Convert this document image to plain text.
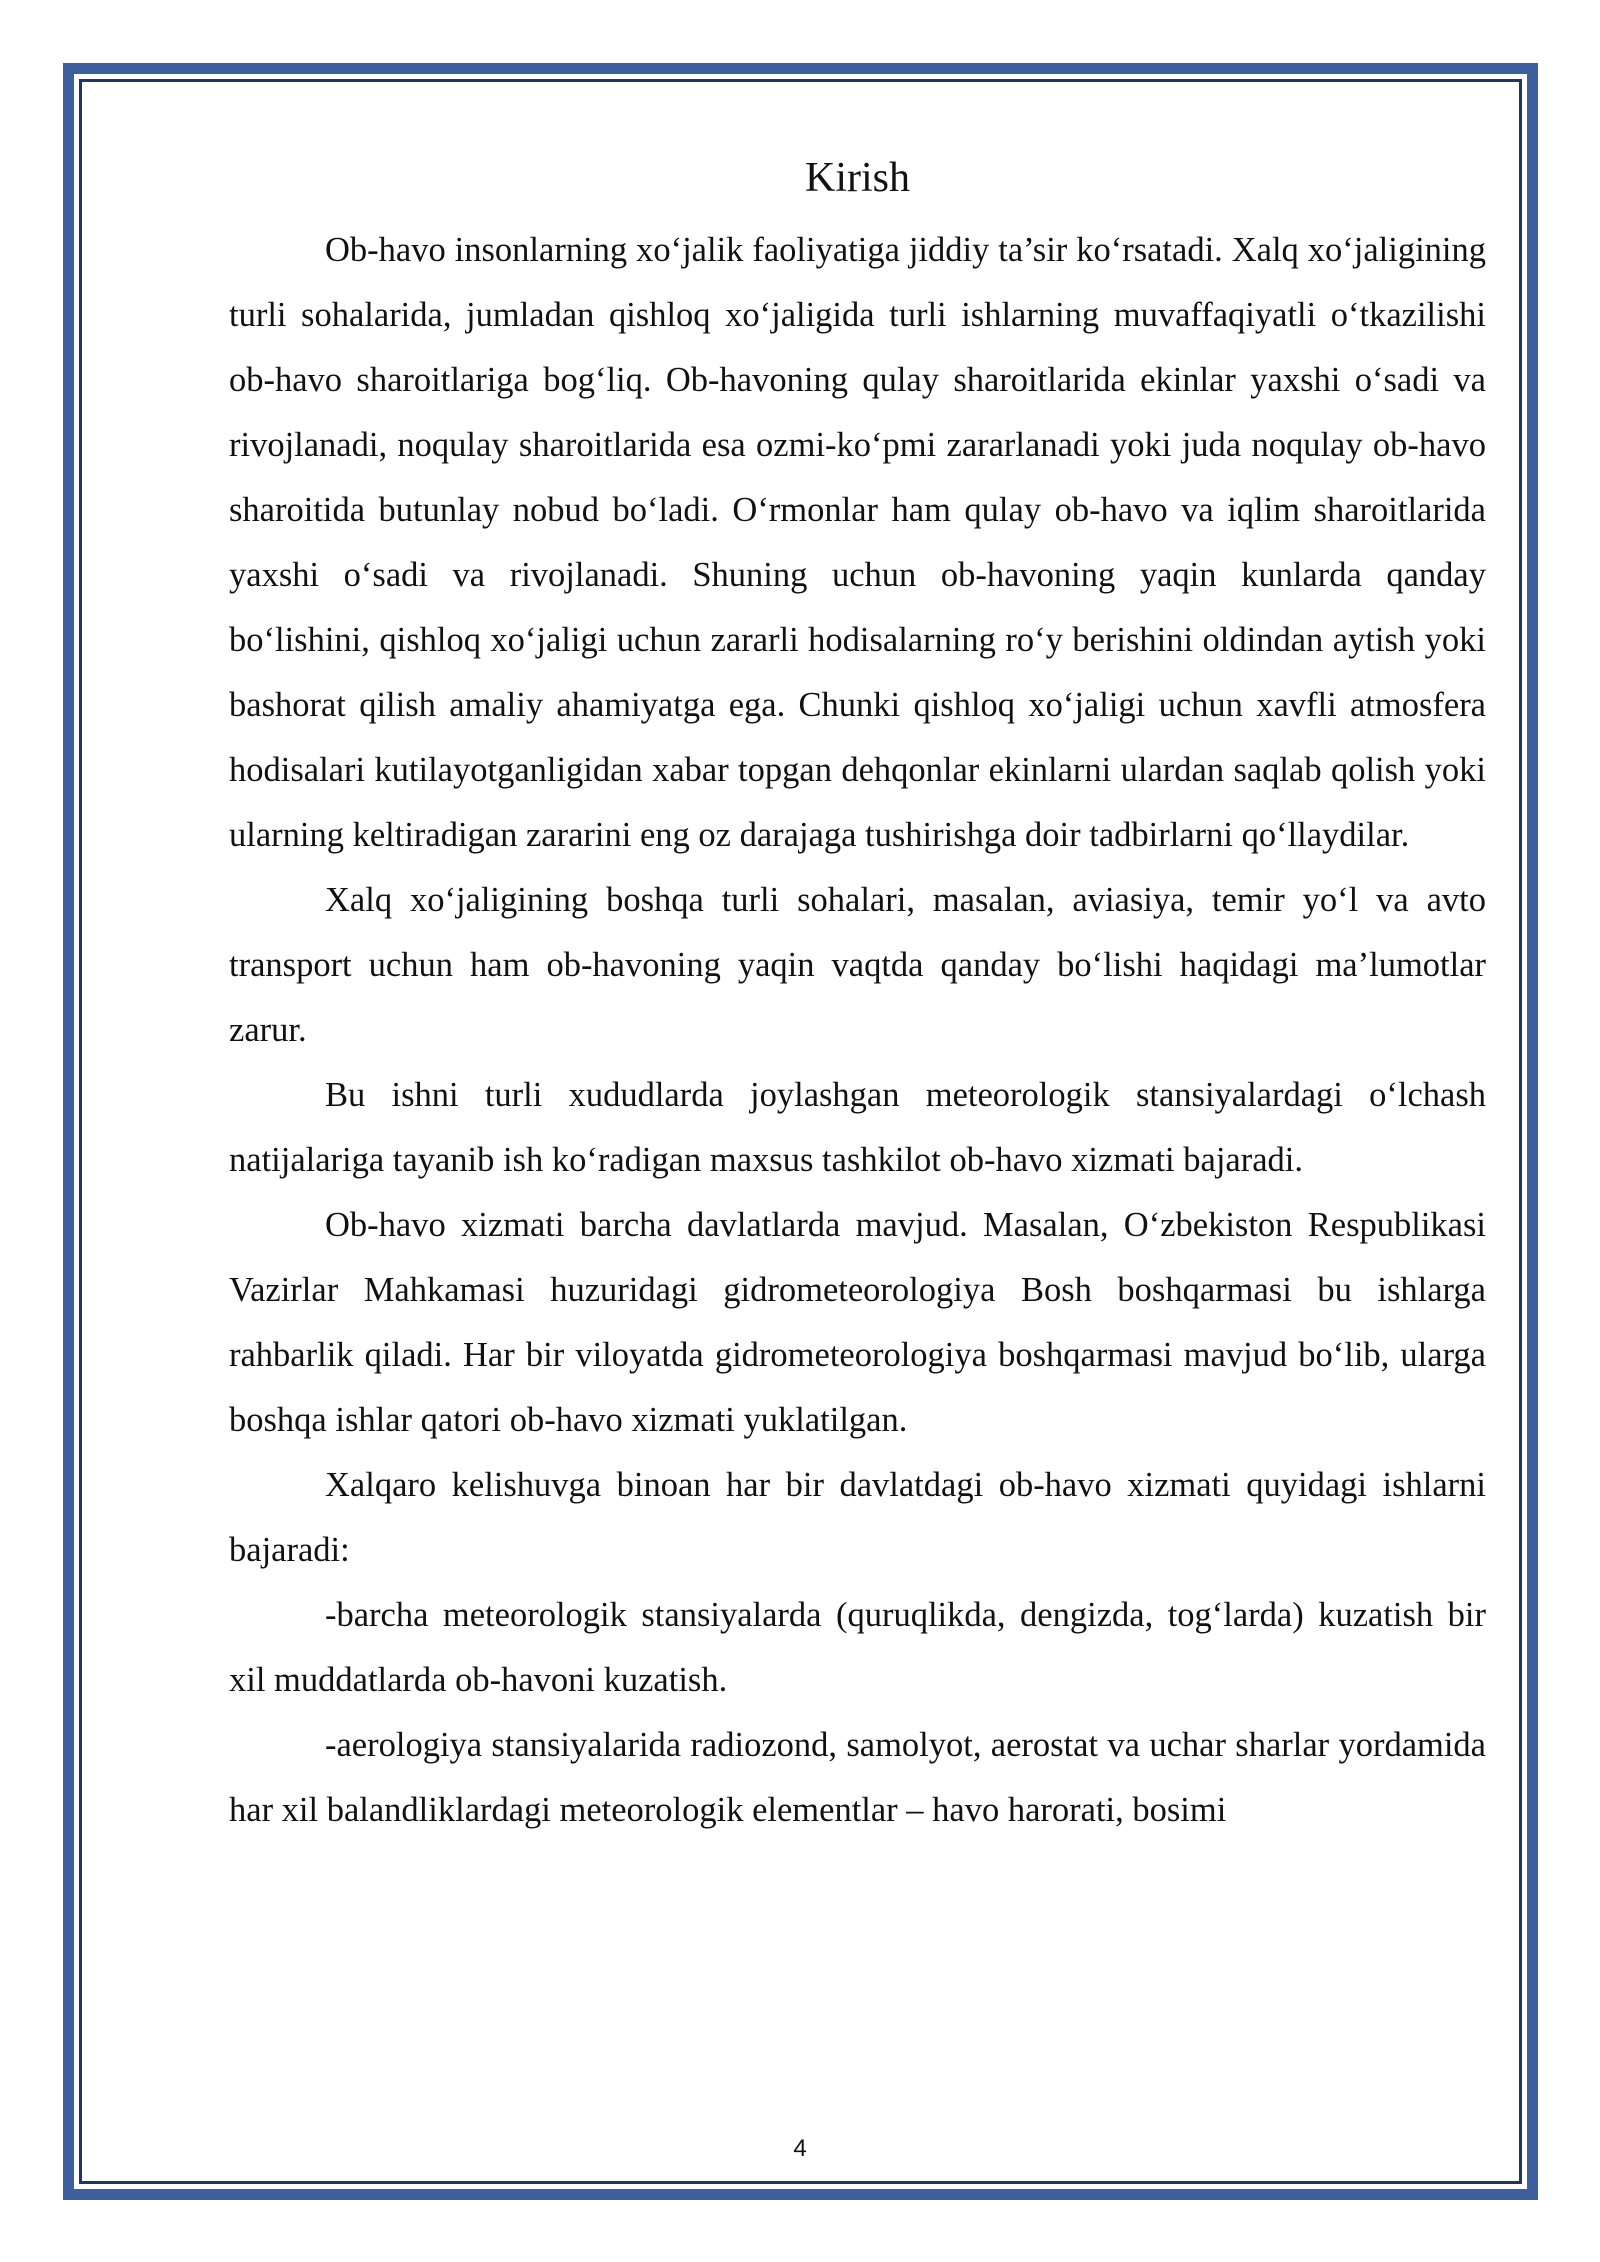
Kirish

Ob-havo insonlarning xo‘jalik faoliyatiga jiddiy ta’sir ko‘rsatadi. Xalq xo‘jaligining turli sohalarida, jumladan qishloq xo‘jaligida turli ishlarning muvaffaqiyatli o‘tkazilishi ob-havo sharoitlariga bog‘liq. Ob-havoning qulay sharoitlarida ekinlar yaxshi o‘sadi va rivojlanadi, noqulay sharoitlarida esa ozmi-ko‘pmi zararlanadi yoki juda noqulay ob-havo sharoitida butunlay nobud bo‘ladi. O‘rmonlar ham qulay ob-havo va iqlim sharoitlarida yaxshi o‘sadi va rivojlanadi. Shuning uchun ob-havoning yaqin kunlarda qanday bo‘lishini, qishloq xo‘jaligi uchun zararli hodisalarning ro‘y berishini oldindan aytish yoki bashorat qilish amaliy ahamiyatga ega. Chunki qishloq xo‘jaligi uchun xavfli atmosfera hodisalari kutilayotganligidan xabar topgan dehqonlar ekinlarni ulardan saqlab qolish yoki ularning keltiradigan zararini eng oz darajaga tushirishga doir tadbirlarni qo‘llaydilar.

Xalq xo‘jaligining boshqa turli sohalari, masalan, aviasiya, temir yo‘l va avto transport uchun ham ob-havoning yaqin vaqtda qanday bo‘lishi haqidagi ma’lumotlar zarur.

Bu ishni turli xududlarda joylashgan meteorologik stansiyalardagi o‘lchash natijalariga tayanib ish ko‘radigan maxsus tashkilot ob-havo xizmati bajaradi.

Ob-havo xizmati barcha davlatlarda mavjud. Masalan, O‘zbekiston Respublikasi Vazirlar Mahkamasi huzuridagi gidrometeorologiya Bosh boshqarmasi bu ishlarga rahbarlik qiladi. Har bir viloyatda gidrometeorologiya boshqarmasi mavjud bo‘lib, ularga boshqa ishlar qatori ob-havo xizmati yuklatilgan.

Xalqaro kelishuvga binoan har bir davlatdagi ob-havo xizmati quyidagi ishlarni bajaradi:

-barcha meteorologik stansiyalarda (quruqlikda, dengizda, tog‘larda) kuzatish bir xil muddatlarda ob-havoni kuzatish.

-aerologiya stansiyalarida radiozond, samolyot, aerostat va uchar sharlar yordamida har xil balandliklardagi meteorologik elementlar – havo harorati, bosimi

4
